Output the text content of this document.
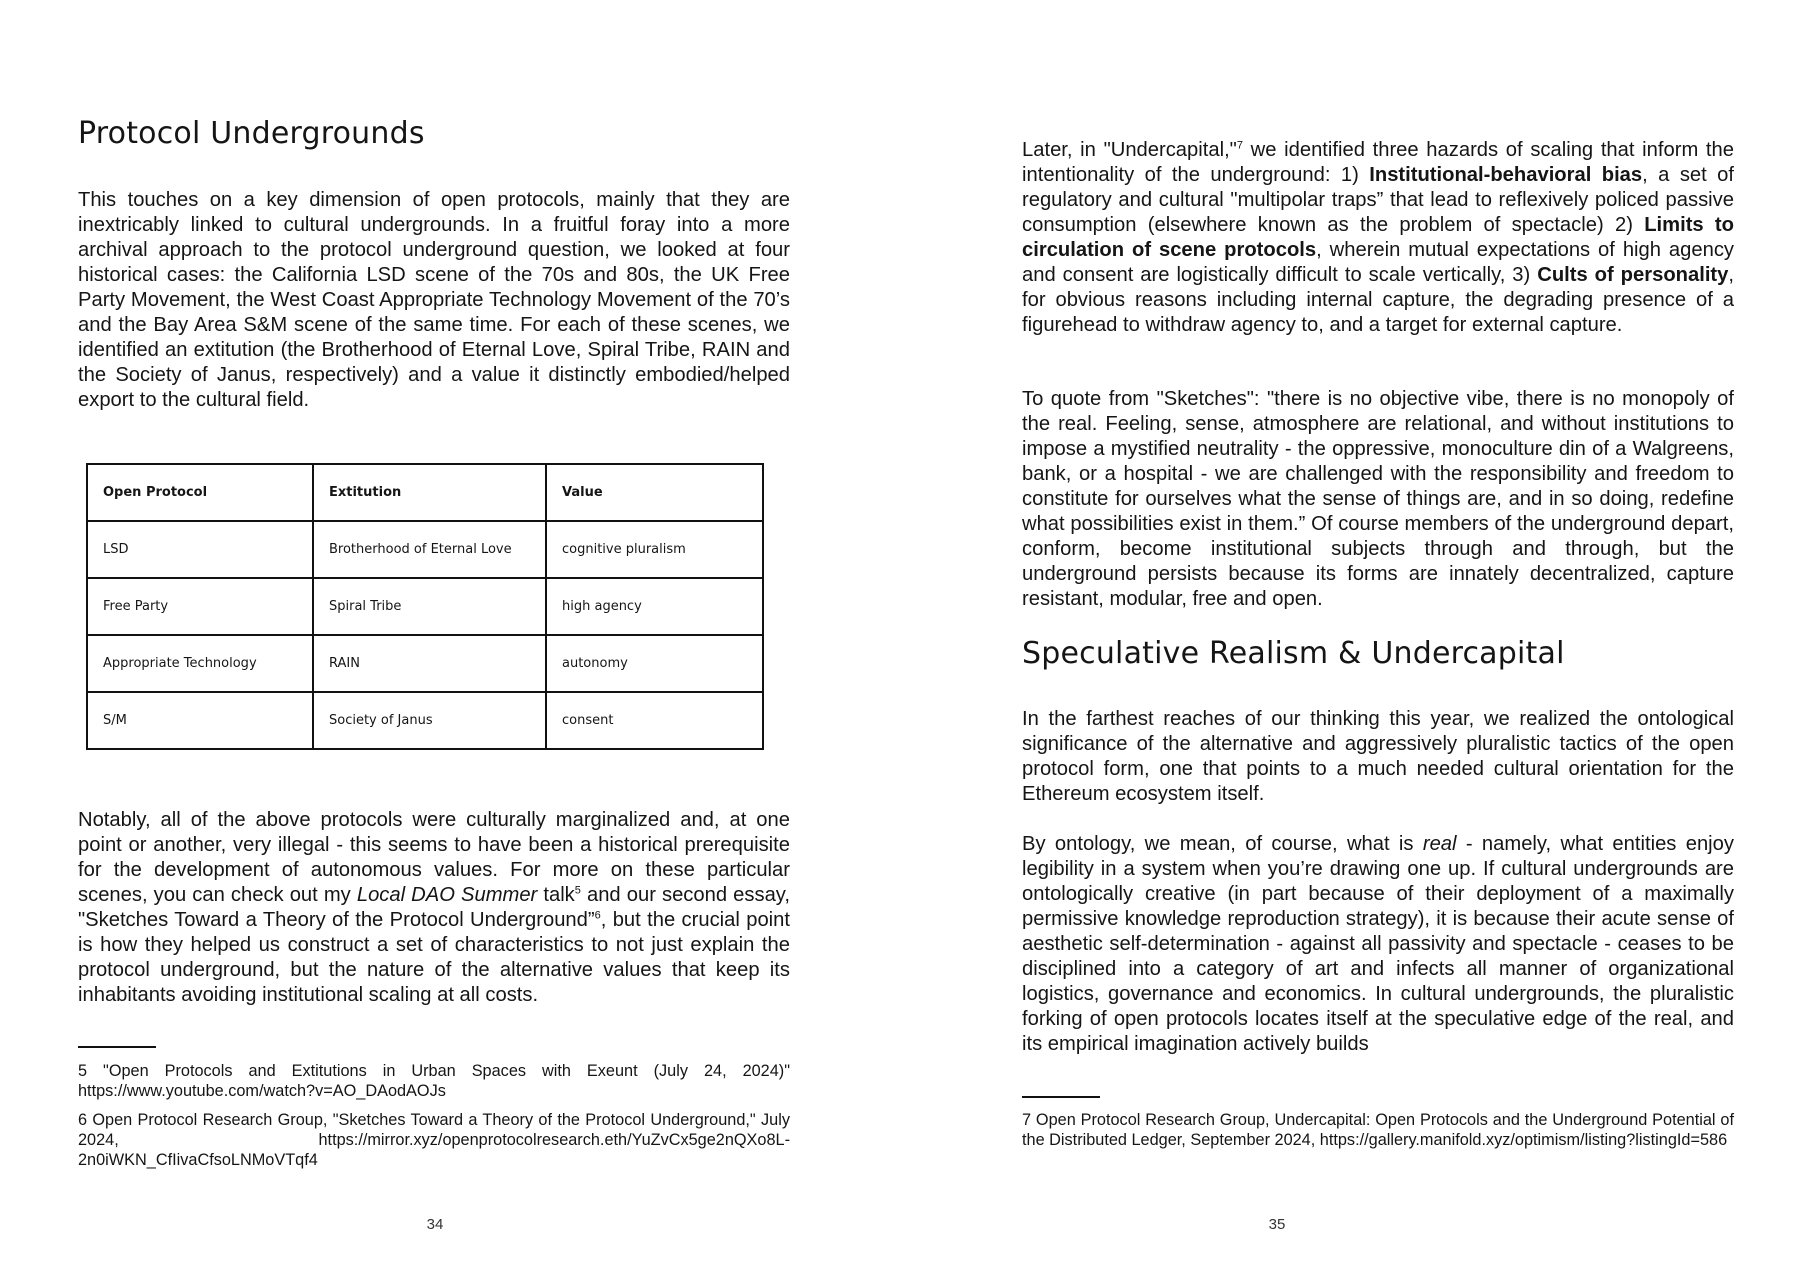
Protocol Undergrounds

This touches on a key dimension of open protocols, mainly that they are inextricably linked to cultural undergrounds. In a fruitful foray into a more archival approach to the protocol underground question, we looked at four historical cases: the California LSD scene of the 70s and 80s, the UK Free Party Movement, the West Coast Appropriate Technology Movement of the 70’s and the Bay Area S&M scene of the same time. For each of these scenes, we identified an extitution (the Brotherhood of Eternal Love, Spiral Tribe, RAIN and the Society of Janus, respectively) and a value it distinctly embodied/helped export to the cultural field.

Open Protocol	Extitution	Value
LSD	Brotherhood of Eternal Love	cognitive pluralism
Free Party	Spiral Tribe	high agency
Appropriate Technology	RAIN	autonomy
S/M	Society of Janus	consent

Notably, all of the above protocols were culturally marginalized and, at one point or another, very illegal - this seems to have been a historical prerequisite for the development of autonomous values. For more on these particular scenes, you can check out my Local DAO Summer talk$^5$ and our second essay, "Sketches Toward a Theory of the Protocol Underground”$^6$, but the crucial point is how they helped us construct a set of characteristics to not just explain the protocol underground, but the nature of the alternative values that keep its inhabitants avoiding institutional scaling at all costs.

5 "Open Protocols and Extitutions in Urban Spaces with Exeunt (July 24, 2024)" https://www.youtube.com/watch?v=AO_DAodAOJs

6 Open Protocol Research Group, "Sketches Toward a Theory of the Protocol Underground," July 2024, https://mirror.xyz/openprotocolresearch.eth/YuZvCx5ge2nQXo8L-2n0iWKN_CfIivaCfsoLNMoVTqf4

34

Later, in "Undercapital,"$^7$ we identified three hazards of scaling that inform the intentionality of the underground: 1) Institutional-behavioral bias, a set of regulatory and cultural "multipolar traps” that lead to reflexively policed passive consumption (elsewhere known as the problem of spectacle) 2) Limits to circulation of scene protocols, wherein mutual expectations of high agency and consent are logistically difficult to scale vertically, 3) Cults of personality, for obvious reasons including internal capture, the degrading presence of a figurehead to withdraw agency to, and a target for external capture.

To quote from "Sketches": "there is no objective vibe, there is no monopoly of the real. Feeling, sense, atmosphere are relational, and without institutions to impose a mystified neutrality - the oppressive, monoculture din of a Walgreens, bank, or a hospital - we are challenged with the responsibility and freedom to constitute for ourselves what the sense of things are, and in so doing, redefine what possibilities exist in them.” Of course members of the underground depart, conform, become institutional subjects through and through, but the underground persists because its forms are innately decentralized, capture resistant, modular, free and open.

Speculative Realism & Undercapital

In the farthest reaches of our thinking this year, we realized the ontological significance of the alternative and aggressively pluralistic tactics of the open protocol form, one that points to a much needed cultural orientation for the Ethereum ecosystem itself.

By ontology, we mean, of course, what is real - namely, what entities enjoy legibility in a system when you’re drawing one up. If cultural undergrounds are ontologically creative (in part because of their deployment of a maximally permissive knowledge reproduction strategy), it is because their acute sense of aesthetic self-determination - against all passivity and spectacle - ceases to be disciplined into a category of art and infects all manner of organizational logistics, governance and economics. In cultural undergrounds, the pluralistic forking of open protocols locates itself at the speculative edge of the real, and its empirical imagination actively builds

7 Open Protocol Research Group, Undercapital: Open Protocols and the Underground Potential of the Distributed Ledger, September 2024, https://gallery.manifold.xyz/optimism/listing?listingId=586

35
